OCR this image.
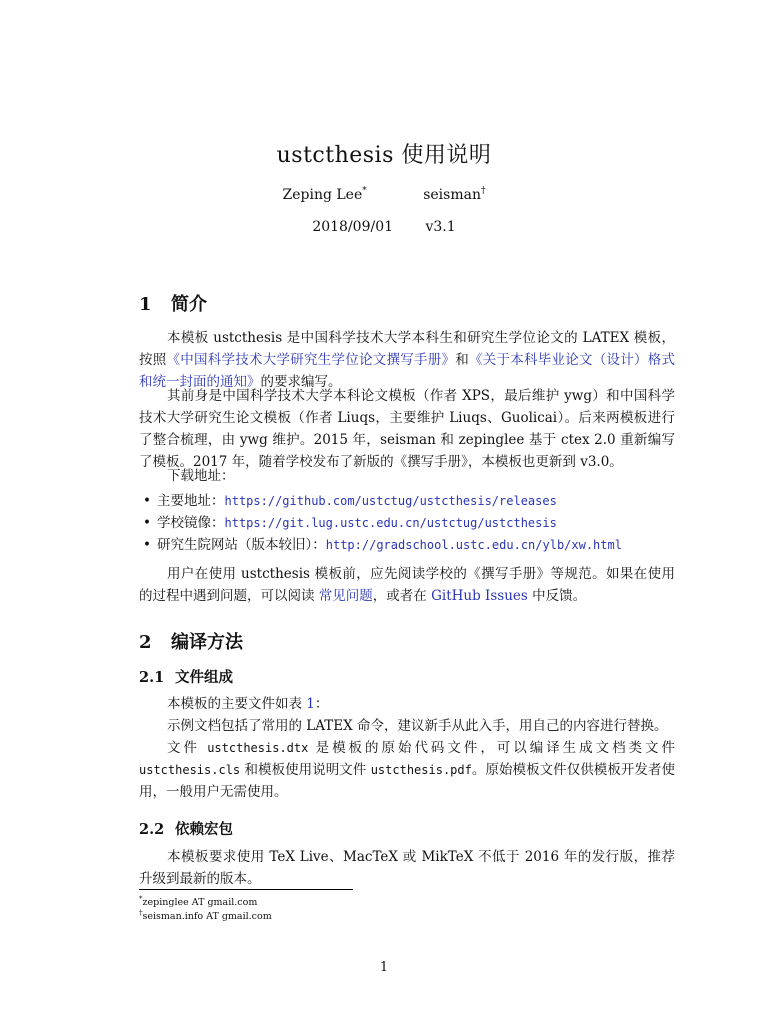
ustcthesis 使用说明
Zeping Lee*	seisman†
2018/09/01 v3.1
1 简介
本模板 ustcthesis 是中国科学技术大学本科生和研究生学位论文的 LATEX 模板，按照《中国科学技术大学研究生学位论文撰写手册》和《关于本科毕业论文（设计）格式和统一封面的通知》的要求编写。
其前身是中国科学技术大学本科论文模板（作者 XPS，最后维护 ywg）和中国科学技术大学研究生论文模板（作者 Liuqs，主要维护 Liuqs、Guolicai）。后来两模板进行了整合梳理，由 ywg 维护。2015 年，seisman 和 zepinglee 基于 ctex 2.0 重新编写了模板。2017 年，随着学校发布了新版的《撰写手册》，本模板也更新到 v3.0。
下载地址：
• 主要地址：https://github.com/ustctug/ustcthesis/releases
• 学校镜像：https://git.lug.ustc.edu.cn/ustctug/ustcthesis
• 研究生院网站（版本较旧）：http://gradschool.ustc.edu.cn/ylb/xw.html
用户在使用 ustcthesis 模板前，应先阅读学校的《撰写手册》等规范。如果在使用的过程中遇到问题，可以阅读 常见问题，或者在 GitHub Issues 中反馈。
2 编译方法
2.1 文件组成
本模板的主要文件如表 1：
示例文档包括了常用的 LATEX 命令，建议新手从此入手，用自己的内容进行替换。
文件 ustcthesis.dtx 是模板的原始代码文件，可以编译生成文档类文件 ustcthesis.cls 和模板使用说明文件 ustcthesis.pdf。原始模板文件仅供模板开发者使用，一般用户无需使用。
2.2 依赖宏包
本模板要求使用 TeX Live、MacTeX 或 MikTeX 不低于 2016 年的发行版，推荐升级到最新的版本。
*zepinglee AT gmail.com
†seisman.info AT gmail.com
1
